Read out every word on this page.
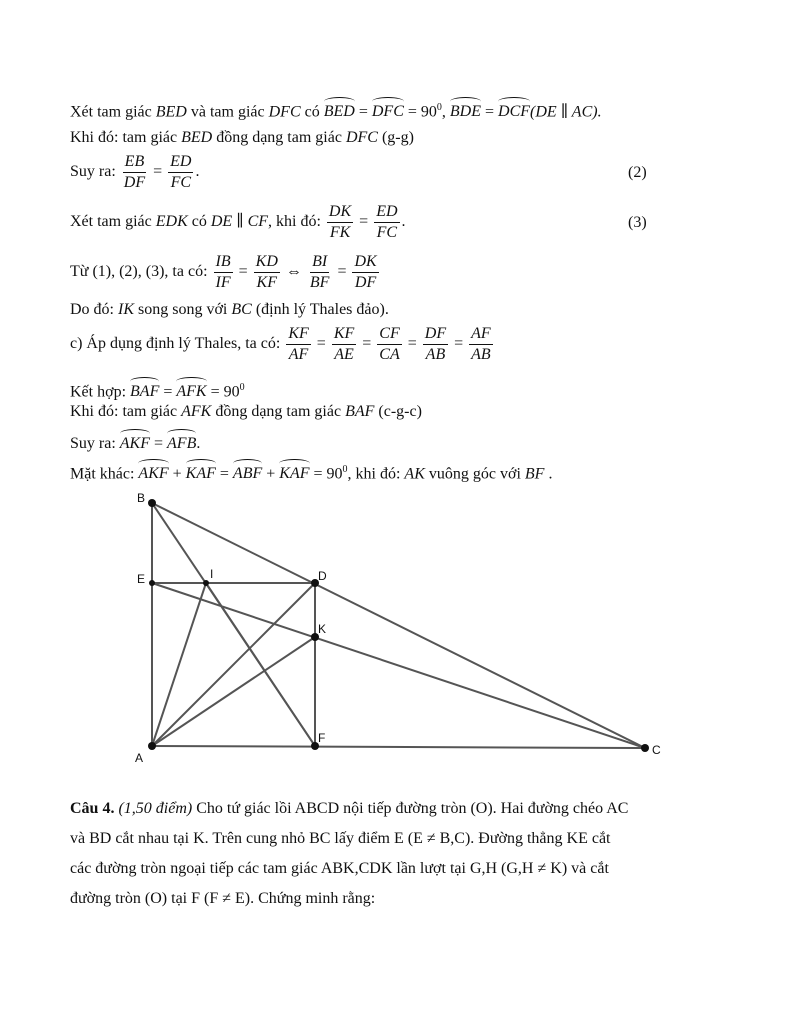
Xét tam giác BED và tam giác DFC có BED = DFC = $90^0$, BDE = DCF(DE ∥ AC).
Khi đó: tam giác BED đồng dạng tam giác DFC (g-g)
Suy ra: $\frac{EB}{DF} = \frac{ED}{FC}$ .	(2)
Xét tam giác EDK có DE ∥ CF, khi đó: $\frac{DK}{FK} = \frac{ED}{FC}$ .	(3)
Từ (1), (2), (3), ta có: $\frac{IB}{IF} = \frac{KD}{KF}$ ⇔ $\frac{BI}{BF} = \frac{DK}{DF}$
Do đó: IK song song với BC (định lý Thales đảo).
c) Áp dụng định lý Thales, ta có: $\frac{KF}{AF} = \frac{KF}{AE} = \frac{CF}{CA} = \frac{DF}{AB} = \frac{AF}{AB}$
Kết hợp: BAF = AFK = $90^0$
Khi đó: tam giác AFK đồng dạng tam giác BAF (c-g-c)
Suy ra: AKF = AFB.
Mặt khác: AKF + KAF = ABF + KAF = $90^0$, khi đó: AK vuông góc với BF .
B
E	I	D
K
A
F
C
Câu 4. (1,50 điểm) Cho tứ giác lồi ABCD nội tiếp đường tròn (O). Hai đường chéo AC
và BD cắt nhau tại K. Trên cung nhỏ BC lấy điểm E (E ≠ B,C). Đường thẳng KE cắt
các đường tròn ngoại tiếp các tam giác ABK,CDK lần lượt tại G,H (G,H ≠ K) và cắt
đường tròn (O) tại F (F ≠ E). Chứng minh rằng:
